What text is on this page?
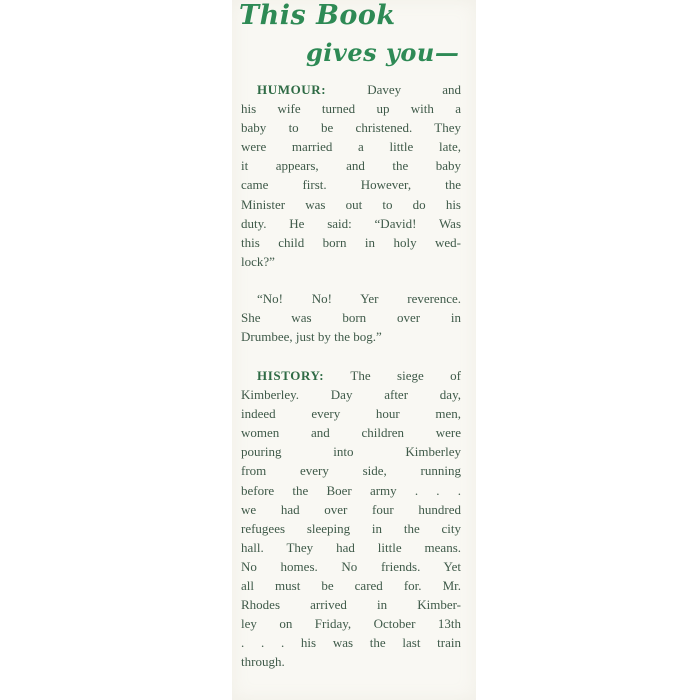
This Book
gives you—
HUMOUR:	Davey and
his wife turned up with a
baby to be christened. They
were married a little late,
it appears, and the baby
came first. However, the
Minister was out to do his
duty. He said: “David! Was
this child born in holy wed-
lock?”
“No! No! Yer reverence.
She was born over in
Drumbee, just by the bog.”
HISTORY: The siege of
Kimberley. Day after day,
indeed every hour men,
women and children were
pouring into Kimberley
from every side, running
before the Boer army . . .
we had over four hundred
refugees sleeping in the city
hall. They had little means.
No homes. No friends. Yet
all must be cared for. Mr.
Rhodes arrived in Kimber-
ley on Friday, October 13th
. . . his was the last train
through.
